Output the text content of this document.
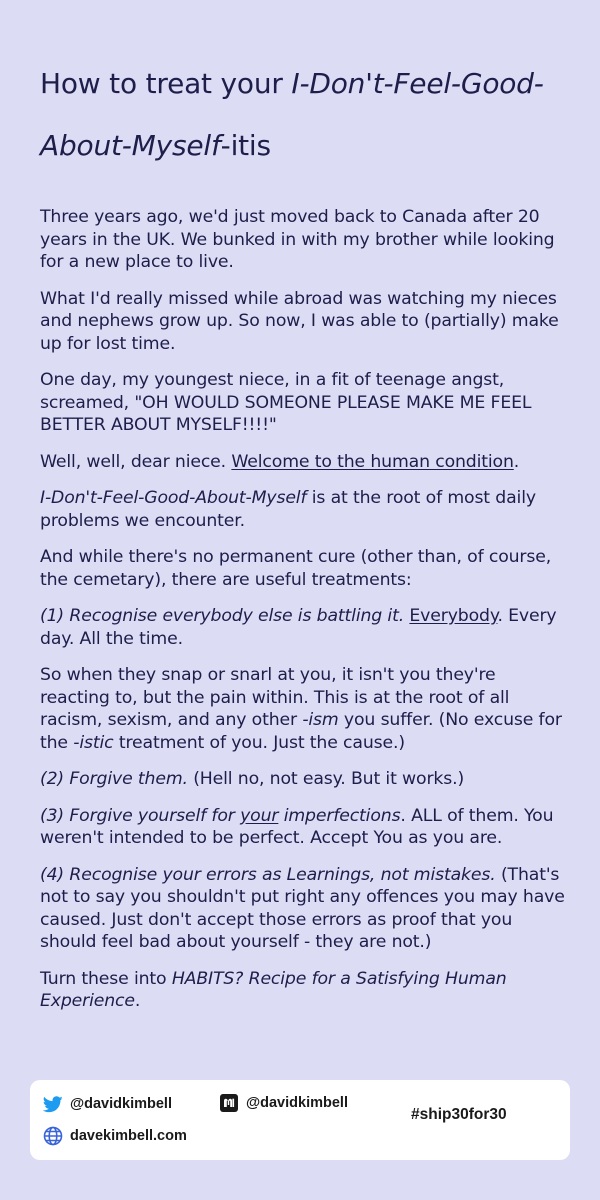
How to treat your I-Don't-Feel-Good-About-Myself-itis

Three years ago, we'd just moved back to Canada after 20 years in the UK. We bunked in with my brother while looking for a new place to live.

What I'd really missed while abroad was watching my nieces and nephews grow up. So now, I was able to (partially) make up for lost time.

One day, my youngest niece, in a fit of teenage angst, screamed, "OH WOULD SOMEONE PLEASE MAKE ME FEEL BETTER ABOUT MYSELF!!!!"

Well, well, dear niece. Welcome to the human condition.

I-Don't-Feel-Good-About-Myself is at the root of most daily problems we encounter.

And while there's no permanent cure (other than, of course, the cemetary), there are useful treatments:

(1) Recognise everybody else is battling it. Everybody. Every day. All the time.

So when they snap or snarl at you, it isn't you they're reacting to, but the pain within. This is at the root of all racism, sexism, and any other -ism you suffer. (No excuse for the -istic treatment of you. Just the cause.)

(2) Forgive them. (Hell no, not easy. But it works.)

(3) Forgive yourself for your imperfections. ALL of them. You weren't intended to be perfect. Accept You as you are.

(4) Recognise your errors as Learnings, not mistakes. (That's not to say you shouldn't put right any offences you may have caused. Just don't accept those errors as proof that you should feel bad about yourself - they are not.)

Turn these into HABITS? Recipe for a Satisfying Human Experience.

@davidkimbell	@davidkimbell
davekimbell.com
#ship30for30
